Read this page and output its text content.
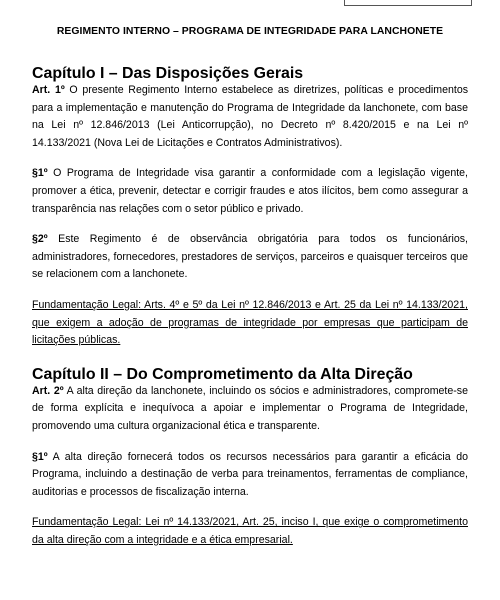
REGIMENTO INTERNO – PROGRAMA DE INTEGRIDADE PARA LANCHONETE
Capítulo I – Das Disposições Gerais

Art. 1º O presente Regimento Interno estabelece as diretrizes, políticas e procedimentos para a implementação e manutenção do Programa de Integridade da lanchonete, com base na Lei nº 12.846/2013 (Lei Anticorrupção), no Decreto nº 8.420/2015 e na Lei nº 14.133/2021 (Nova Lei de Licitações e Contratos Administrativos).

§1º O Programa de Integridade visa garantir a conformidade com a legislação vigente, promover a ética, prevenir, detectar e corrigir fraudes e atos ilícitos, bem como assegurar a transparência nas relações com o setor público e privado.

§2º Este Regimento é de observância obrigatória para todos os funcionários, administradores, fornecedores, prestadores de serviços, parceiros e quaisquer terceiros que se relacionem com a lanchonete.

Fundamentação Legal: Arts. 4º e 5º da Lei nº 12.846/2013 e Art. 25 da Lei nº 14.133/2021, que exigem a adoção de programas de integridade por empresas que participam de licitações públicas.

Capítulo II – Do Comprometimento da Alta Direção

Art. 2º A alta direção da lanchonete, incluindo os sócios e administradores, compromete-se de forma explícita e inequívoca a apoiar e implementar o Programa de Integridade, promovendo uma cultura organizacional ética e transparente.

§1º A alta direção fornecerá todos os recursos necessários para garantir a eficácia do Programa, incluindo a destinação de verba para treinamentos, ferramentas de compliance, auditorias e processos de fiscalização interna.

Fundamentação Legal: Lei nº 14.133/2021, Art. 25, inciso I, que exige o comprometimento da alta direção com a integridade e a ética empresarial.
